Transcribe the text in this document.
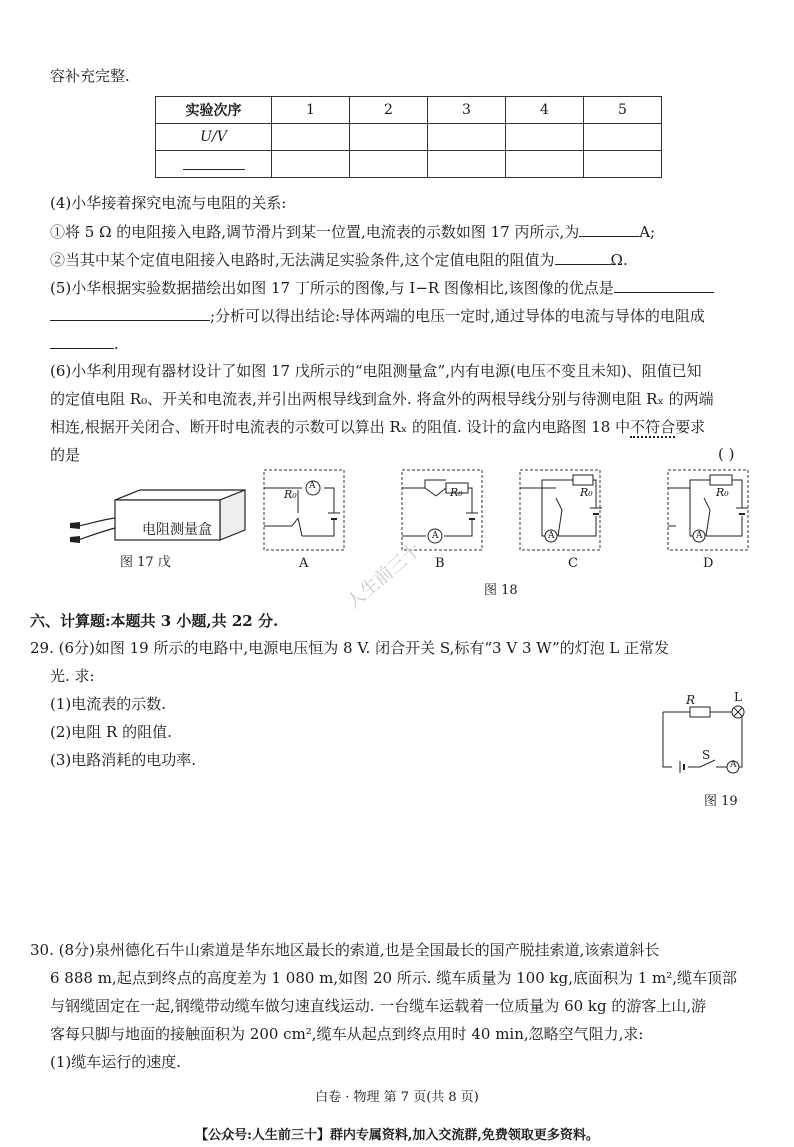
容补充完整.
实验次序	1	2	3	4	5
U/V					

(4)小华接着探究电流与电阻的关系:
①将 5 Ω 的电阻接入电路,调节滑片到某一位置,电流表的示数如图 17 丙所示,为	A;
②当其中某个定值电阻接入电路时,无法满足实验条件,这个定值电阻的阻值为	Ω.
(5)小华根据实验数据描绘出如图 17 丁所示的图像,与 I−R 图像相比,该图像的优点是
;分析可以得出结论:导体两端的电压一定时,通过导体的电流与导体的电阻成
.
(6)小华利用现有器材设计了如图 17 戊所示的“电阻测量盒”,内有电源(电压不变且未知)、阻值已知
的定值电阻 R₀、开关和电流表,并引出两根导线到盒外. 将盒外的两根导线分别与待测电阻 Rₓ 的两端
相连,根据开关闭合、断开时电流表的示数可以算出 Rₓ 的阻值. 设计的盒内电路图 18 中不符合要求
的是	( )
电阻测量盒
图 17 戊
R₀
A
A
R₀
A
B
R₀
A
C
R₀
A
D
图 18
人生前三十
六、计算题:本题共 3 小题,共 22 分.
29. (6分)如图 19 所示的电路中,电源电压恒为 8 V. 闭合开关 S,标有“3 V 3 W”的灯泡 L 正常发
光. 求:
(1)电流表的示数.
(2)电阻 R 的阻值.
(3)电路消耗的电功率.
R	L
S
A
图 19
30. (8分)泉州德化石牛山索道是华东地区最长的索道,也是全国最长的国产脱挂索道,该索道斜长
6 888 m,起点到终点的高度差为 1 080 m,如图 20 所示. 缆车质量为 100 kg,底面积为 1 m²,缆车顶部
与钢缆固定在一起,钢缆带动缆车做匀速直线运动. 一台缆车运载着一位质量为 60 kg 的游客上山,游
客每只脚与地面的接触面积为 200 cm²,缆车从起点到终点用时 40 min,忽略空气阻力,求:
(1)缆车运行的速度.
白卷 · 物理 第 7 页(共 8 页)
【公众号:人生前三十】群内专属资料,加入交流群,免费领取更多资料。
